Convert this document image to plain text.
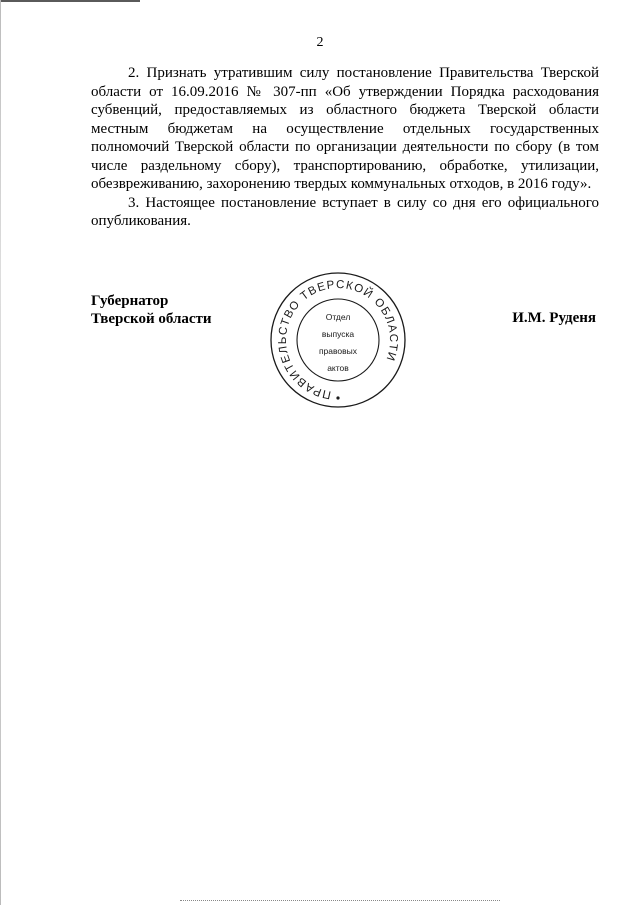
2

2. Признать утратившим силу постановление Правительства Тверской области от 16.09.2016 № 307-пп «Об утверждении Порядка расходования субвенций, предоставляемых из областного бюджета Тверской области местным бюджетам на осуществление отдельных государственных полномочий Тверской области по организации деятельности по сбору (в том числе раздельному сбору), транспортированию, обработке, утилизации, обезвреживанию, захоронению твердых коммунальных отходов, в 2016 году».

3. Настоящее постановление вступает в силу со дня его официального опубликования.

Губернатор
Тверской области
ПРАВИТЕЛЬСТВО ТВЕРСКОЙ ОБЛАСТИ
Отдел
выпуска
правовых
актов
И.М. Руденя
